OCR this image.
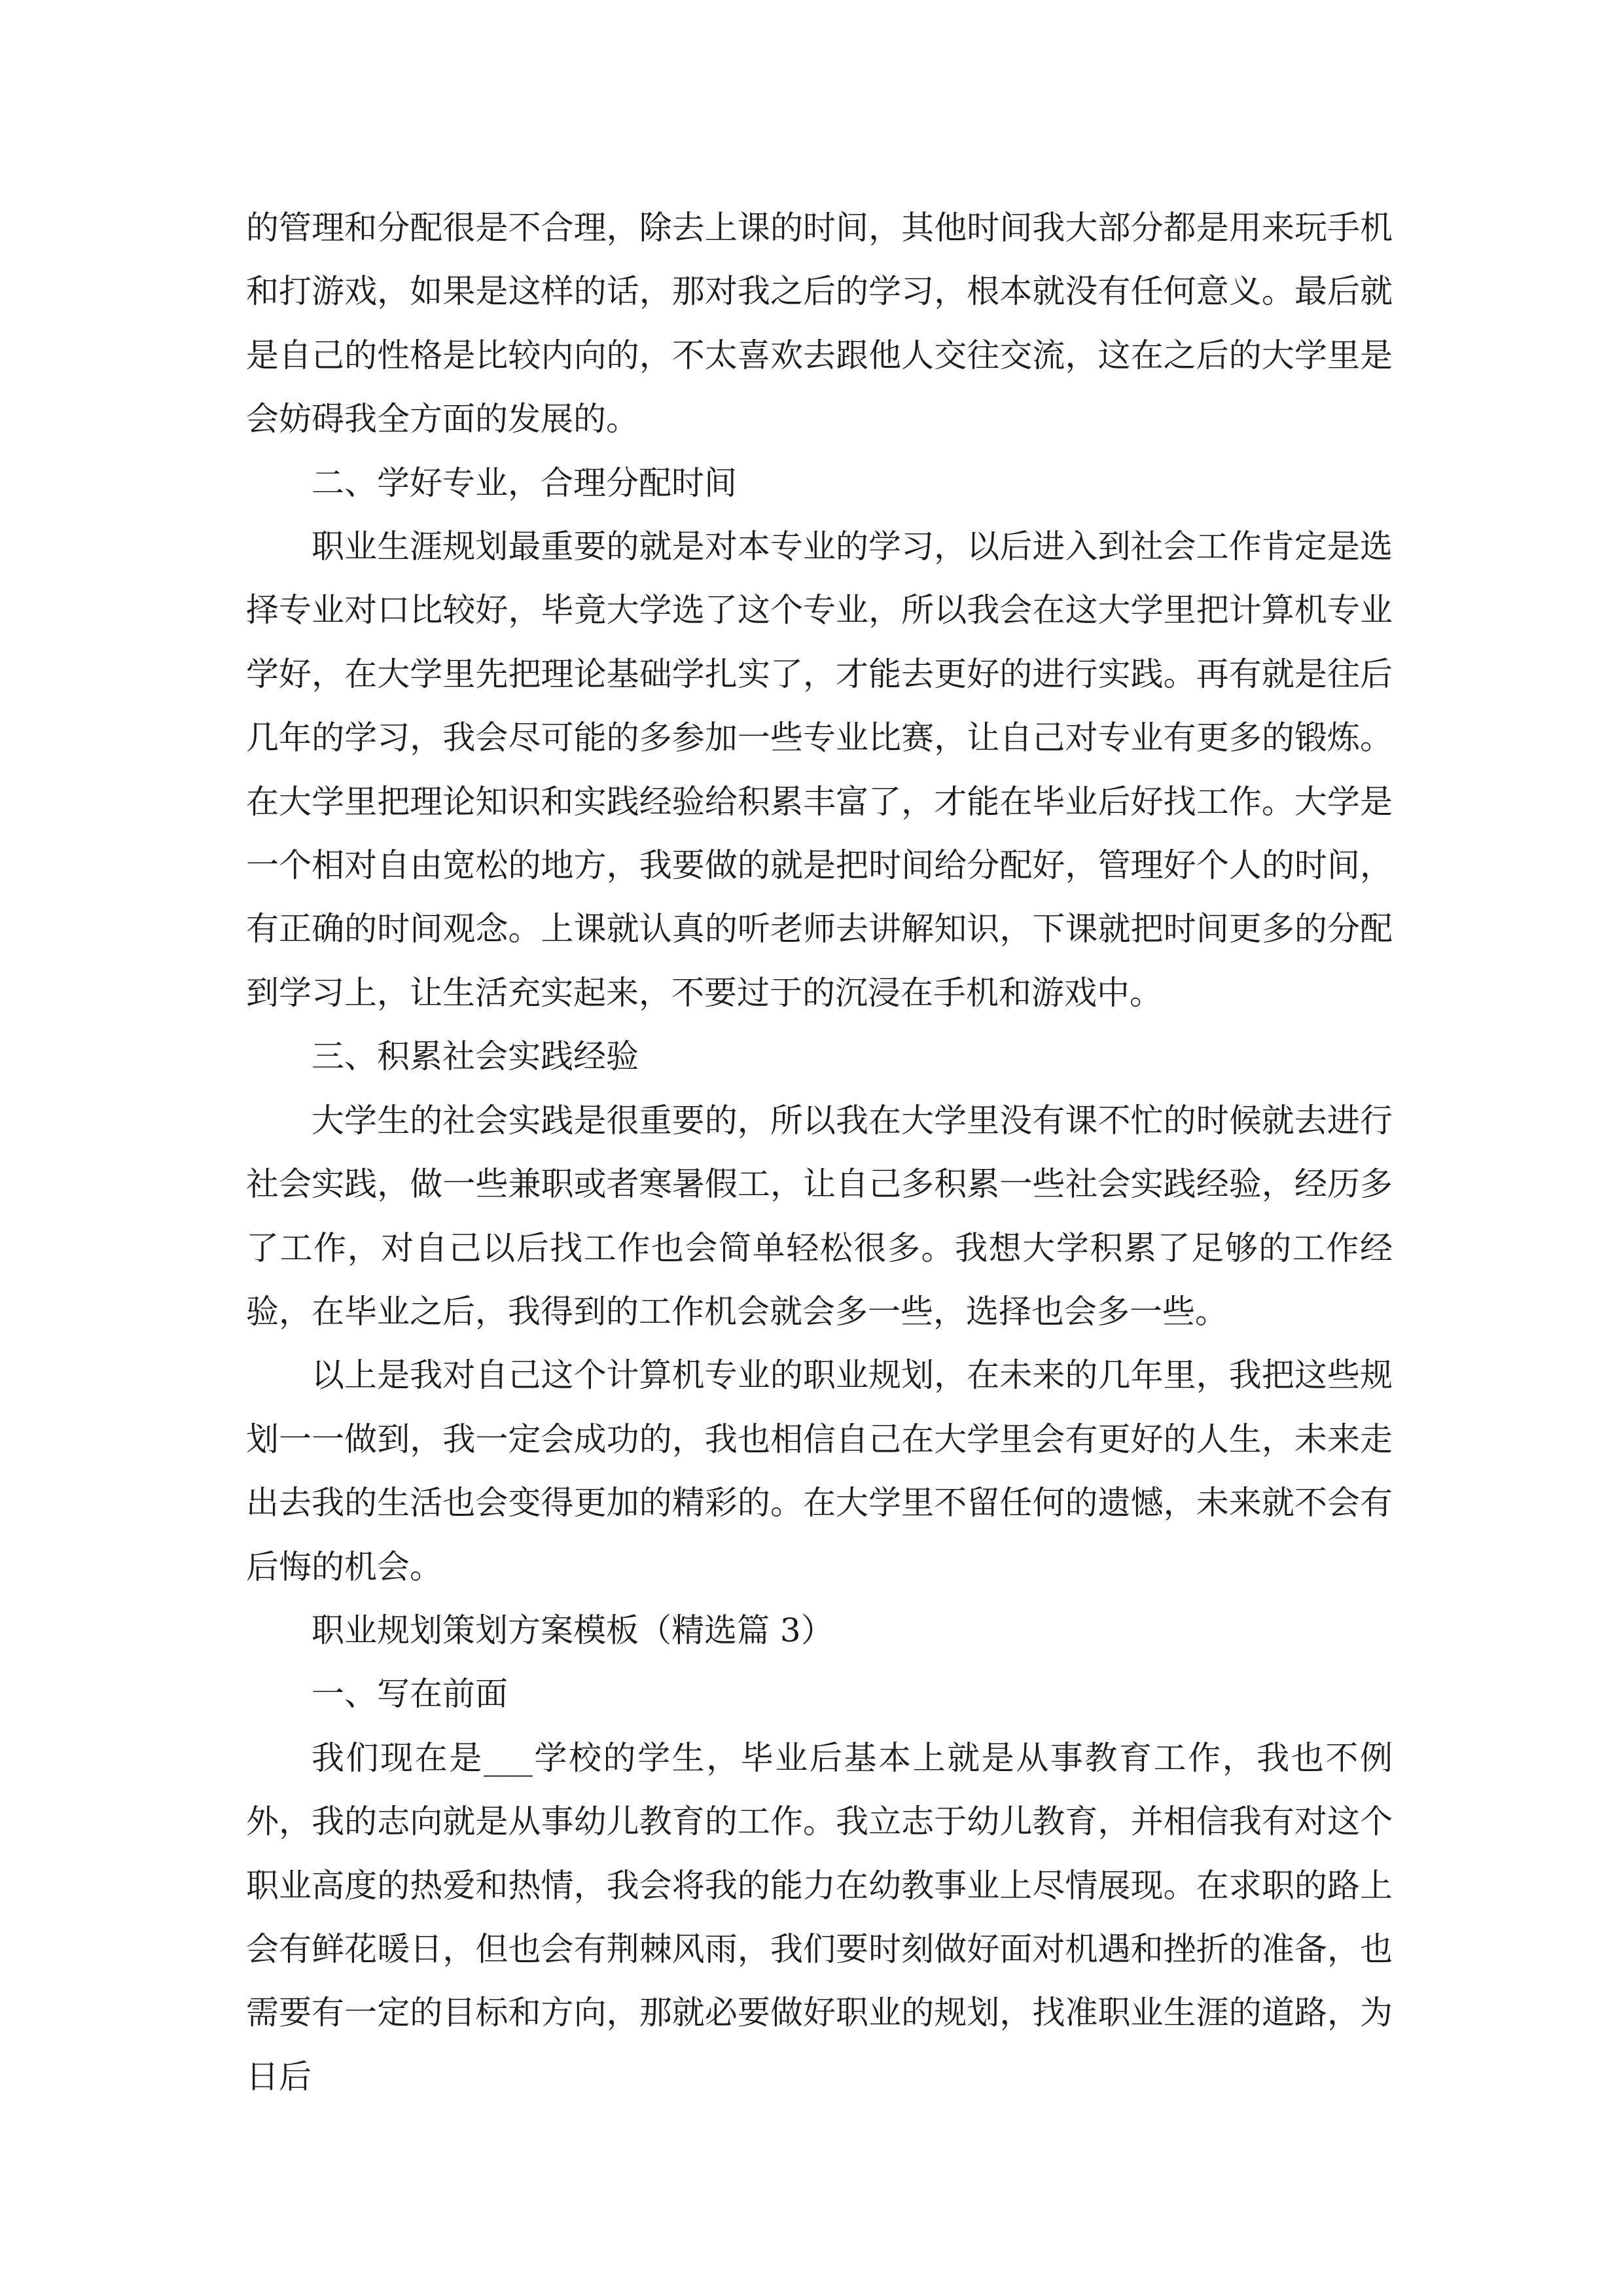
的管理和分配很是不合理，除去上课的时间，其他时间我大部分都是用来玩手机和打游戏，如果是这样的话，那对我之后的学习，根本就没有任何意义。最后就是自己的性格是比较内向的，不太喜欢去跟他人交往交流，这在之后的大学里是会妨碍我全方面的发展的。

二、学好专业，合理分配时间

职业生涯规划最重要的就是对本专业的学习，以后进入到社会工作肯定是选择专业对口比较好，毕竟大学选了这个专业，所以我会在这大学里把计算机专业学好，在大学里先把理论基础学扎实了，才能去更好的进行实践。再有就是往后几年的学习，我会尽可能的多参加一些专业比赛，让自己对专业有更多的锻炼。在大学里把理论知识和实践经验给积累丰富了，才能在毕业后好找工作。大学是一个相对自由宽松的地方，我要做的就是把时间给分配好，管理好个人的时间，有正确的时间观念。上课就认真的听老师去讲解知识，下课就把时间更多的分配到学习上，让生活充实起来，不要过于的沉浸在手机和游戏中。

三、积累社会实践经验

大学生的社会实践是很重要的，所以我在大学里没有课不忙的时候就去进行社会实践，做一些兼职或者寒暑假工，让自己多积累一些社会实践经验，经历多了工作，对自己以后找工作也会简单轻松很多。我想大学积累了足够的工作经验，在毕业之后，我得到的工作机会就会多一些，选择也会多一些。

以上是我对自己这个计算机专业的职业规划，在未来的几年里，我把这些规划一一做到，我一定会成功的，我也相信自己在大学里会有更好的人生，未来走出去我的生活也会变得更加的精彩的。在大学里不留任何的遗憾，未来就不会有后悔的机会。

职业规划策划方案模板（精选篇 3）

一、写在前面

我们现在是___学校的学生，毕业后基本上就是从事教育工作，我也不例外，我的志向就是从事幼儿教育的工作。我立志于幼儿教育，并相信我有对这个职业高度的热爱和热情，我会将我的能力在幼教事业上尽情展现。在求职的路上会有鲜花暖日，但也会有荆棘风雨，我们要时刻做好面对机遇和挫折的准备，也需要有一定的目标和方向，那就必要做好职业的规划，找准职业生涯的道路，为日后
